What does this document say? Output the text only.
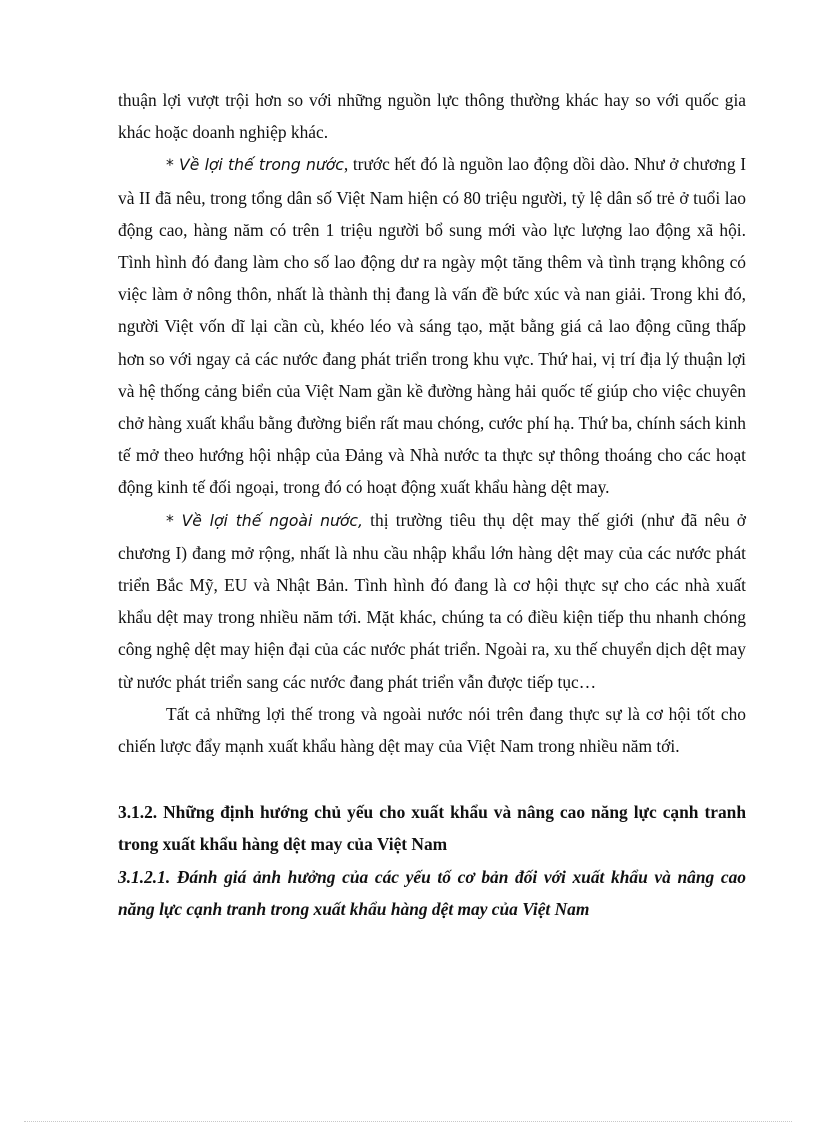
thuận lợi vượt trội hơn so với những nguồn lực thông thường khác hay so với quốc gia khác hoặc doanh nghiệp khác.

* Về lợi thế trong nước, trước hết đó là nguồn lao động dồi dào. Như ở chương I và II đã nêu, trong tổng dân số Việt Nam hiện có 80 triệu người, tỷ lệ dân số trẻ ở tuổi lao động cao, hàng năm có trên 1 triệu người bổ sung mới vào lực lượng lao động xã hội. Tình hình đó đang làm cho số lao động dư ra ngày một tăng thêm và tình trạng không có việc làm ở nông thôn, nhất là thành thị đang là vấn đề bức xúc và nan giải. Trong khi đó, người Việt vốn dĩ lại cần cù, khéo léo và sáng tạo, mặt bằng giá cả lao động cũng thấp hơn so với ngay cả các nước đang phát triển trong khu vực. Thứ hai, vị trí địa lý thuận lợi và hệ thống cảng biển của Việt Nam gần kề đường hàng hải quốc tế giúp cho việc chuyên chở hàng xuất khẩu bằng đường biển rất mau chóng, cước phí hạ. Thứ ba, chính sách kinh tế mở theo hướng hội nhập của Đảng và Nhà nước ta thực sự thông thoáng cho các hoạt động kinh tế đối ngoại, trong đó có hoạt động xuất khẩu hàng dệt may.

* Về lợi thế ngoài nước, thị trường tiêu thụ dệt may thế giới (như đã nêu ở chương I) đang mở rộng, nhất là nhu cầu nhập khẩu lớn hàng dệt may của các nước phát triển Bắc Mỹ, EU và Nhật Bản. Tình hình đó đang là cơ hội thực sự cho các nhà xuất khẩu dệt may trong nhiều năm tới. Mặt khác, chúng ta có điều kiện tiếp thu nhanh chóng công nghệ dệt may hiện đại của các nước phát triển. Ngoài ra, xu thế chuyển dịch dệt may từ nước phát triển sang các nước đang phát triển vẫn được tiếp tục…

Tất cả những lợi thế trong và ngoài nước nói trên đang thực sự là cơ hội tốt cho chiến lược đẩy mạnh xuất khẩu hàng dệt may của Việt Nam trong nhiều năm tới.

3.1.2. Những định hướng chủ yếu cho xuất khẩu và nâng cao năng lực cạnh tranh trong xuất khẩu hàng dệt may của Việt Nam

3.1.2.1. Đánh giá ảnh hưởng của các yếu tố cơ bản đối với xuất khẩu và nâng cao năng lực cạnh tranh trong xuất khẩu hàng dệt may của Việt Nam
